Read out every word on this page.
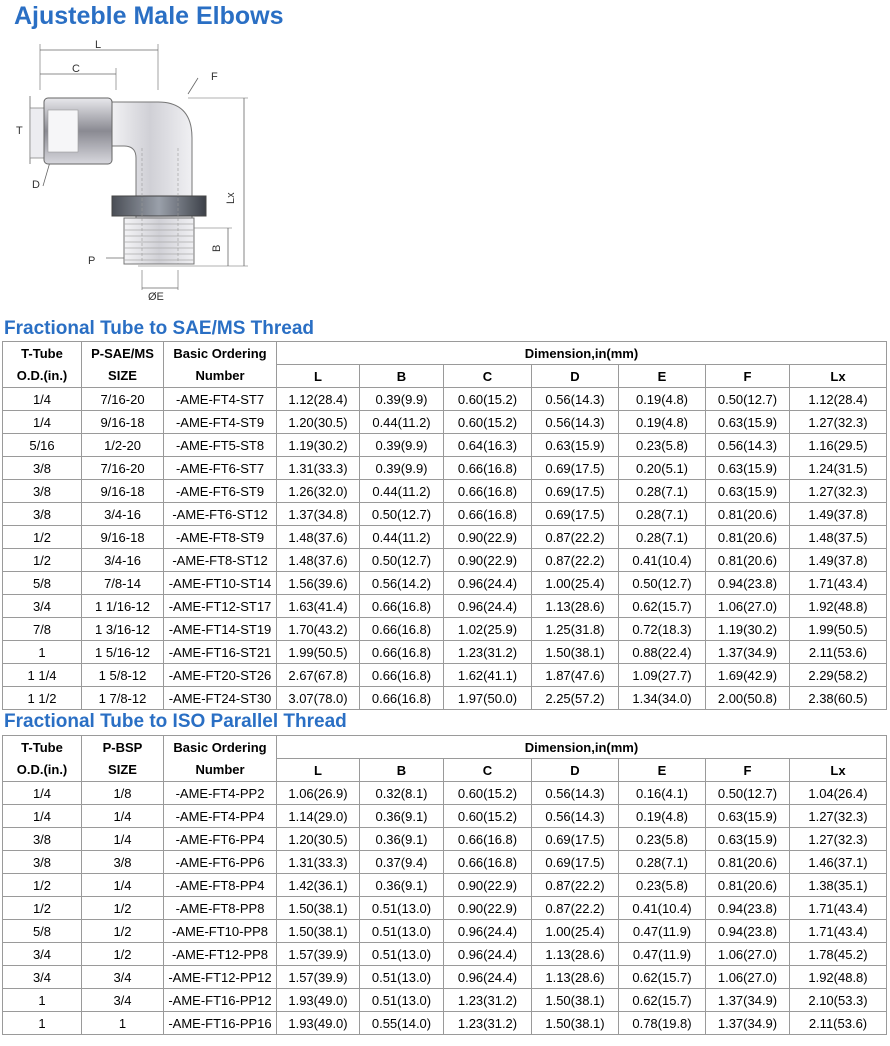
Ajusteble Male Elbows
L
C
F
T
D
Lx
B
P
ØE
Fractional Tube to SAE/MS Thread
T-Tube	P-SAE/MS	Basic Ordering	Dimension,in(mm)						
O.D.(in.)	SIZE	Number	L	B	C	D	E	F	Lx
1/4	7/16-20	-AME-FT4-ST7	1.12(28.4)	0.39(9.9)	0.60(15.2)	0.56(14.3)	0.19(4.8)	0.50(12.7)	1.12(28.4)
1/4	9/16-18	-AME-FT4-ST9	1.20(30.5)	0.44(11.2)	0.60(15.2)	0.56(14.3)	0.19(4.8)	0.63(15.9)	1.27(32.3)
5/16	1/2-20	-AME-FT5-ST8	1.19(30.2)	0.39(9.9)	0.64(16.3)	0.63(15.9)	0.23(5.8)	0.56(14.3)	1.16(29.5)
3/8	7/16-20	-AME-FT6-ST7	1.31(33.3)	0.39(9.9)	0.66(16.8)	0.69(17.5)	0.20(5.1)	0.63(15.9)	1.24(31.5)
3/8	9/16-18	-AME-FT6-ST9	1.26(32.0)	0.44(11.2)	0.66(16.8)	0.69(17.5)	0.28(7.1)	0.63(15.9)	1.27(32.3)
3/8	3/4-16	-AME-FT6-ST12	1.37(34.8)	0.50(12.7)	0.66(16.8)	0.69(17.5)	0.28(7.1)	0.81(20.6)	1.49(37.8)
1/2	9/16-18	-AME-FT8-ST9	1.48(37.6)	0.44(11.2)	0.90(22.9)	0.87(22.2)	0.28(7.1)	0.81(20.6)	1.48(37.5)
1/2	3/4-16	-AME-FT8-ST12	1.48(37.6)	0.50(12.7)	0.90(22.9)	0.87(22.2)	0.41(10.4)	0.81(20.6)	1.49(37.8)
5/8	7/8-14	-AME-FT10-ST14	1.56(39.6)	0.56(14.2)	0.96(24.4)	1.00(25.4)	0.50(12.7)	0.94(23.8)	1.71(43.4)
3/4	1 1/16-12	-AME-FT12-ST17	1.63(41.4)	0.66(16.8)	0.96(24.4)	1.13(28.6)	0.62(15.7)	1.06(27.0)	1.92(48.8)
7/8	1 3/16-12	-AME-FT14-ST19	1.70(43.2)	0.66(16.8)	1.02(25.9)	1.25(31.8)	0.72(18.3)	1.19(30.2)	1.99(50.5)
1	1 5/16-12	-AME-FT16-ST21	1.99(50.5)	0.66(16.8)	1.23(31.2)	1.50(38.1)	0.88(22.4)	1.37(34.9)	2.11(53.6)
1 1/4	1 5/8-12	-AME-FT20-ST26	2.67(67.8)	0.66(16.8)	1.62(41.1)	1.87(47.6)	1.09(27.7)	1.69(42.9)	2.29(58.2)
1 1/2	1 7/8-12	-AME-FT24-ST30	3.07(78.0)	0.66(16.8)	1.97(50.0)	2.25(57.2)	1.34(34.0)	2.00(50.8)	2.38(60.5)
Fractional Tube to ISO Parallel Thread
T-Tube	P-BSP	Basic Ordering	Dimension,in(mm)						
O.D.(in.)	SIZE	Number	L	B	C	D	E	F	Lx
1/4	1/8	-AME-FT4-PP2	1.06(26.9)	0.32(8.1)	0.60(15.2)	0.56(14.3)	0.16(4.1)	0.50(12.7)	1.04(26.4)
1/4	1/4	-AME-FT4-PP4	1.14(29.0)	0.36(9.1)	0.60(15.2)	0.56(14.3)	0.19(4.8)	0.63(15.9)	1.27(32.3)
3/8	1/4	-AME-FT6-PP4	1.20(30.5)	0.36(9.1)	0.66(16.8)	0.69(17.5)	0.23(5.8)	0.63(15.9)	1.27(32.3)
3/8	3/8	-AME-FT6-PP6	1.31(33.3)	0.37(9.4)	0.66(16.8)	0.69(17.5)	0.28(7.1)	0.81(20.6)	1.46(37.1)
1/2	1/4	-AME-FT8-PP4	1.42(36.1)	0.36(9.1)	0.90(22.9)	0.87(22.2)	0.23(5.8)	0.81(20.6)	1.38(35.1)
1/2	1/2	-AME-FT8-PP8	1.50(38.1)	0.51(13.0)	0.90(22.9)	0.87(22.2)	0.41(10.4)	0.94(23.8)	1.71(43.4)
5/8	1/2	-AME-FT10-PP8	1.50(38.1)	0.51(13.0)	0.96(24.4)	1.00(25.4)	0.47(11.9)	0.94(23.8)	1.71(43.4)
3/4	1/2	-AME-FT12-PP8	1.57(39.9)	0.51(13.0)	0.96(24.4)	1.13(28.6)	0.47(11.9)	1.06(27.0)	1.78(45.2)
3/4	3/4	-AME-FT12-PP12	1.57(39.9)	0.51(13.0)	0.96(24.4)	1.13(28.6)	0.62(15.7)	1.06(27.0)	1.92(48.8)
1	3/4	-AME-FT16-PP12	1.93(49.0)	0.51(13.0)	1.23(31.2)	1.50(38.1)	0.62(15.7)	1.37(34.9)	2.10(53.3)
1	1	-AME-FT16-PP16	1.93(49.0)	0.55(14.0)	1.23(31.2)	1.50(38.1)	0.78(19.8)	1.37(34.9)	2.11(53.6)
